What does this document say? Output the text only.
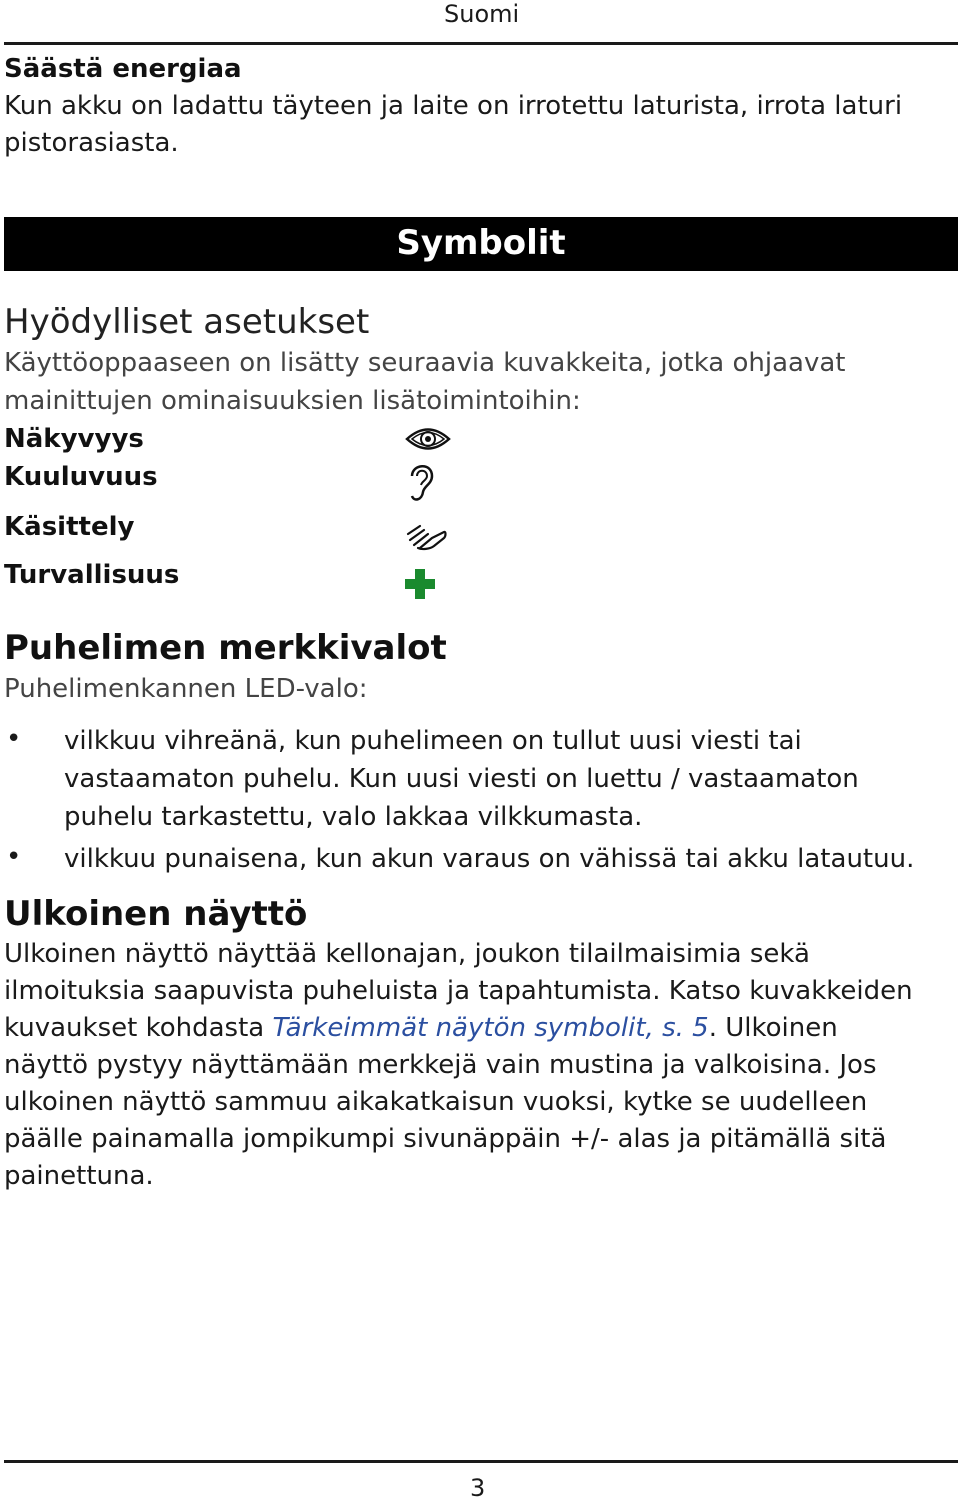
Suomi
Säästä energiaa
Kun akku on ladattu täyteen ja laite on irrotettu laturista, irrota laturi
pistorasiasta.
Symbolit
Hyödylliset asetukset
Käyttöoppaaseen on lisätty seuraavia kuvakkeita, jotka ohjaavat
mainittujen ominaisuuksien lisätoimintoihin:
Näkyvyys
Kuuluvuus
Käsittely
Turvallisuus
Puhelimen merkkivalot
Puhelimenkannen LED-valo:
• vilkkuu vihreänä, kun puhelimeen on tullut uusi viesti tai
vastaamaton puhelu. Kun uusi viesti on luettu / vastaamaton
puhelu tarkastettu, valo lakkaa vilkkumasta.
• vilkkuu punaisena, kun akun varaus on vähissä tai akku latautuu.
Ulkoinen näyttö
Ulkoinen näyttö näyttää kellonajan, joukon tilailmaisimia sekä
ilmoituksia saapuvista puheluista ja tapahtumista. Katso kuvakkeiden
kuvaukset kohdasta Tärkeimmät näytön symbolit, s. 5. Ulkoinen
näyttö pystyy näyttämään merkkejä vain mustina ja valkoisina. Jos
ulkoinen näyttö sammuu aikakatkaisun vuoksi, kytke se uudelleen
päälle painamalla jompikumpi sivunäppäin +/- alas ja pitämällä sitä
painettuna.
3
